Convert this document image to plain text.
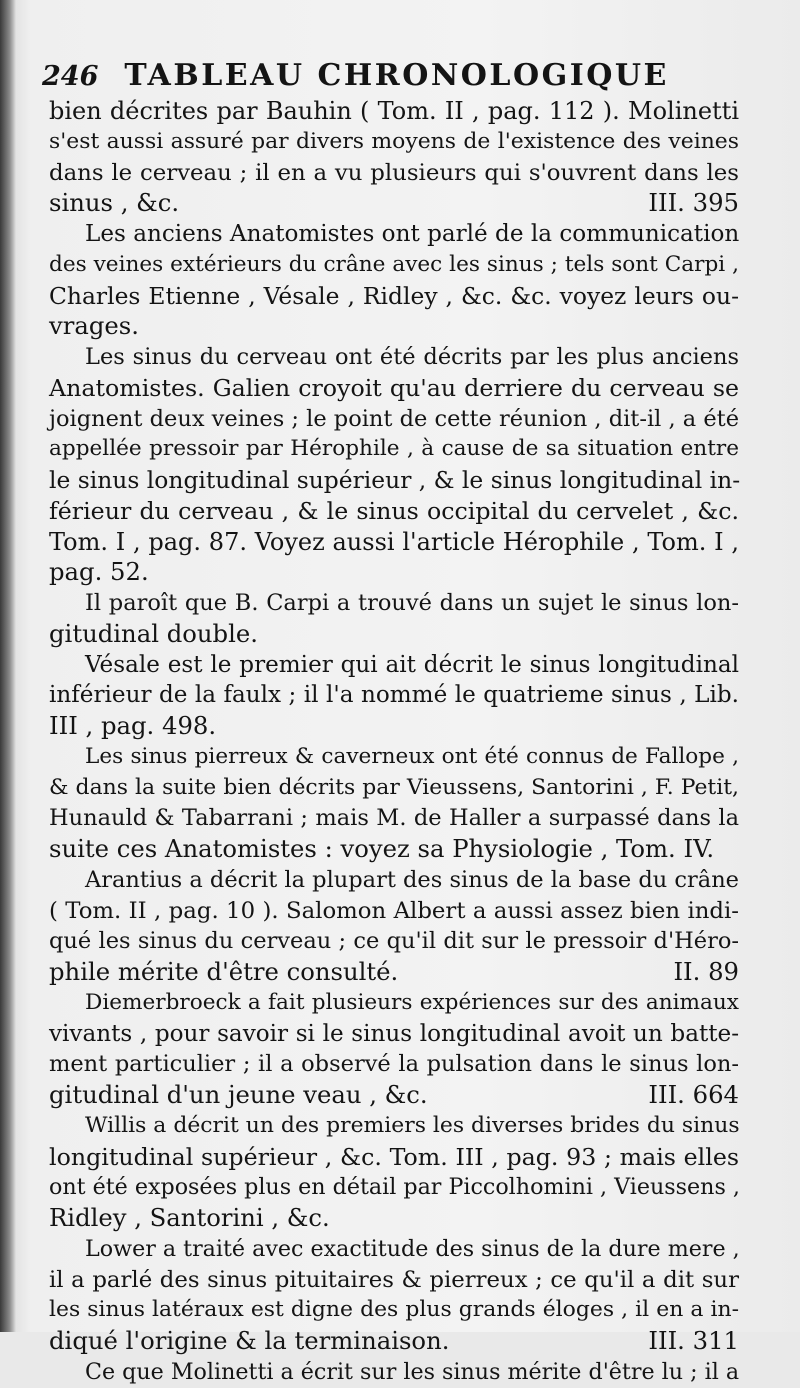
246 TABLEAU CHRONOLOGIQUE
bien décrites par Bauhin ( Tom. II , pag. 112 ). Molinetti
s'est aussi assuré par divers moyens de l'existence des veines
dans le cerveau ; il en a vu plusieurs qui s'ouvrent dans les
sinus , &c.	III. 395
Les anciens Anatomistes ont parlé de la communication
des veines extérieurs du crâne avec les sinus ; tels sont Carpi ,
Charles Etienne , Vésale , Ridley , &c. &c. voyez leurs ou-
vrages.
Les sinus du cerveau ont été décrits par les plus anciens
Anatomistes. Galien croyoit qu'au derriere du cerveau se
joignent deux veines ; le point de cette réunion , dit-il , a été
appellée pressoir par Hérophile , à cause de sa situation entre
le sinus longitudinal supérieur , & le sinus longitudinal in-
férieur du cerveau , & le sinus occipital du cervelet , &c.
Tom. I , pag. 87. Voyez aussi l'article Hérophile , Tom. I ,
pag. 52.
Il paroît que B. Carpi a trouvé dans un sujet le sinus lon-
gitudinal double.
Vésale est le premier qui ait décrit le sinus longitudinal
inférieur de la faulx ; il l'a nommé le quatrieme sinus , Lib.
III , pag. 498.
Les sinus pierreux & caverneux ont été connus de Fallope ,
& dans la suite bien décrits par Vieussens, Santorini , F. Petit,
Hunauld & Tabarrani ; mais M. de Haller a surpassé dans la
suite ces Anatomistes : voyez sa Physiologie , Tom. IV.
Arantius a décrit la plupart des sinus de la base du crâne
( Tom. II , pag. 10 ). Salomon Albert a aussi assez bien indi-
qué les sinus du cerveau ; ce qu'il dit sur le pressoir d'Héro-
phile mérite d'être consulté.	II. 89
Diemerbroeck a fait plusieurs expériences sur des animaux
vivants , pour savoir si le sinus longitudinal avoit un batte-
ment particulier ; il a observé la pulsation dans le sinus lon-
gitudinal d'un jeune veau , &c.	III. 664
Willis a décrit un des premiers les diverses brides du sinus
longitudinal supérieur , &c. Tom. III , pag. 93 ; mais elles
ont été exposées plus en détail par Piccolhomini , Vieussens ,
Ridley , Santorini , &c.
Lower a traité avec exactitude des sinus de la dure mere ,
il a parlé des sinus pituitaires & pierreux ; ce qu'il a dit sur
les sinus latéraux est digne des plus grands éloges , il en a in-
diqué l'origine & la terminaison.	III. 311
Ce que Molinetti a écrit sur les sinus mérite d'être lu ; il a
